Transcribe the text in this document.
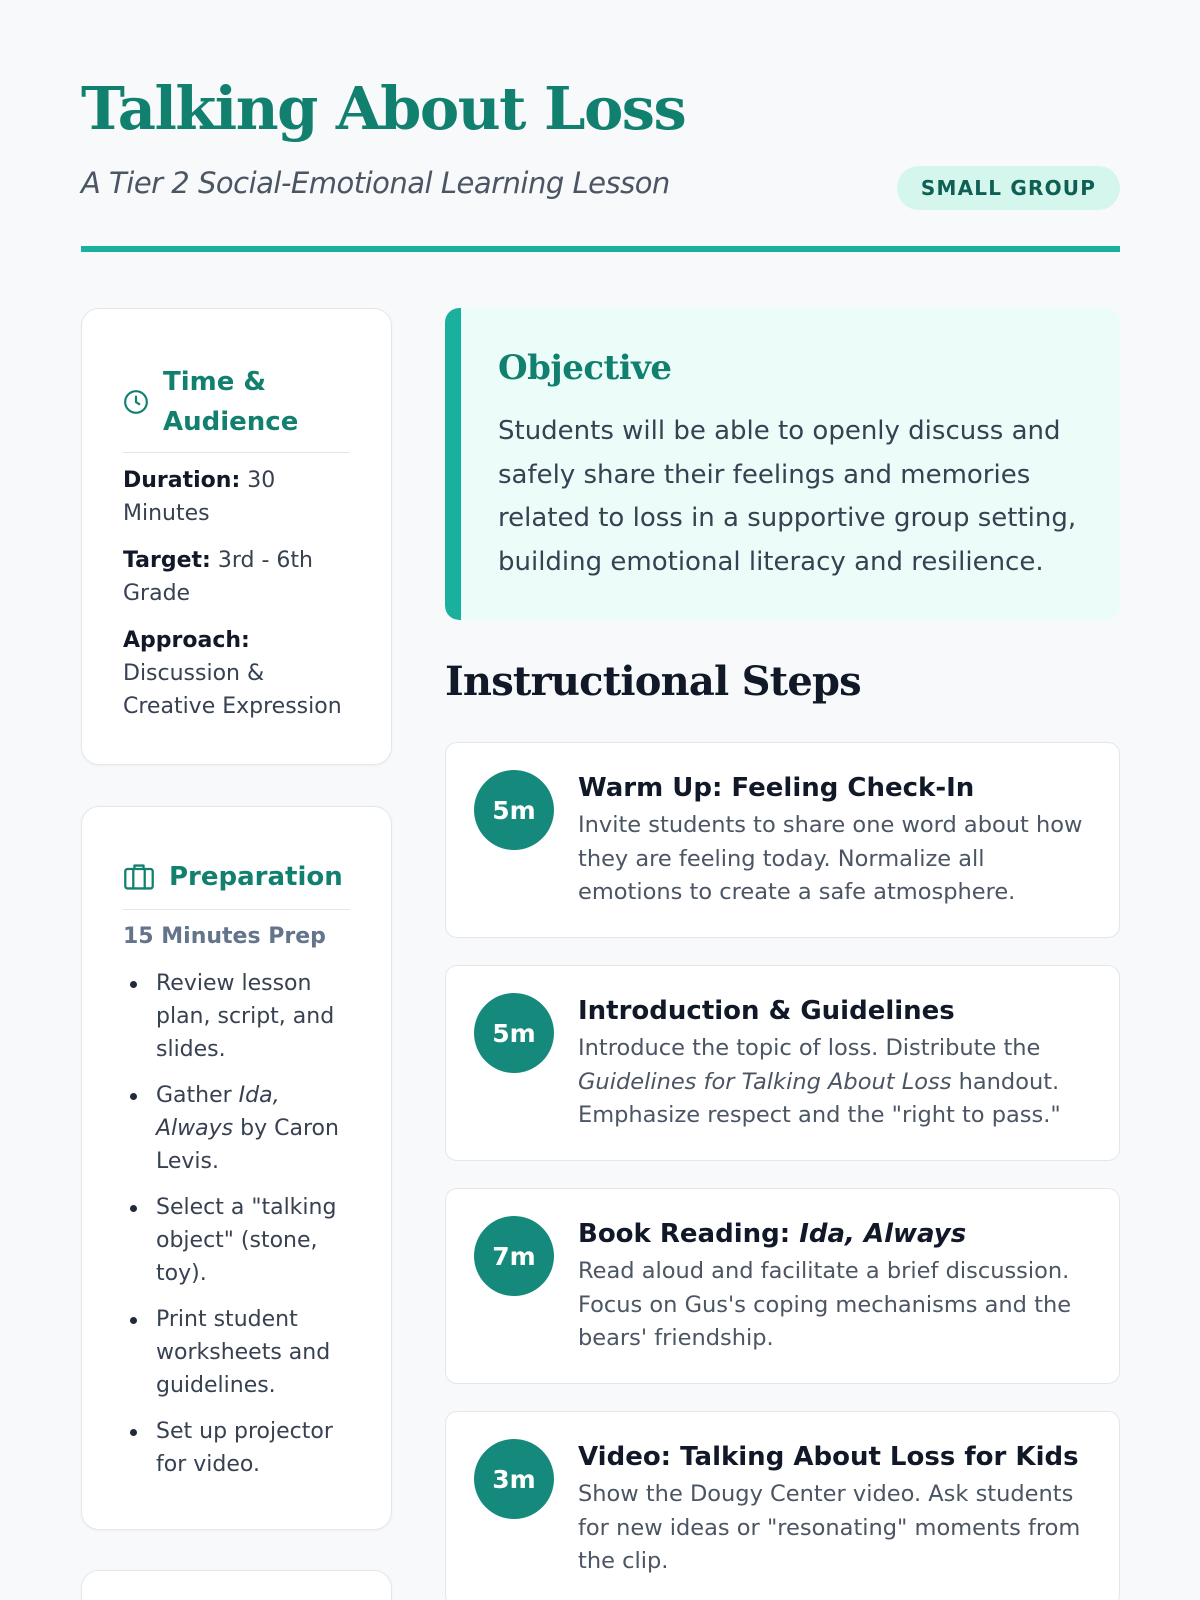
Talking About Loss
A Tier 2 Social-Emotional Learning Lesson	SMALL GROUP
Time & Audience
Duration: 30 Minutes
Target: 3rd - 6th Grade
Approach:
Discussion & Creative Expression
Preparation
15 Minutes Prep
Review lesson plan, script, and slides.
Gather Ida, Always by Caron Levis.
Select a "talking object" (stone, toy).
Print student worksheets and guidelines.
Set up projector for video.
Objective

Students will be able to openly discuss and safely share their feelings and memories related to loss in a supportive group setting, building emotional literacy and resilience.

Instructional Steps
5m
Warm Up: Feeling Check-In

Invite students to share one word about how they are feeling today. Normalize all emotions to create a safe atmosphere.

5m
Introduction & Guidelines

Introduce the topic of loss. Distribute the Guidelines for Talking About Loss handout. Emphasize respect and the "right to pass."

7m
Book Reading: Ida, Always

Read aloud and facilitate a brief discussion. Focus on Gus's coping mechanisms and the bears' friendship.

3m
Video: Talking About Loss for Kids

Show the Dougy Center video. Ask students for new ideas or "resonating" moments from the clip.
